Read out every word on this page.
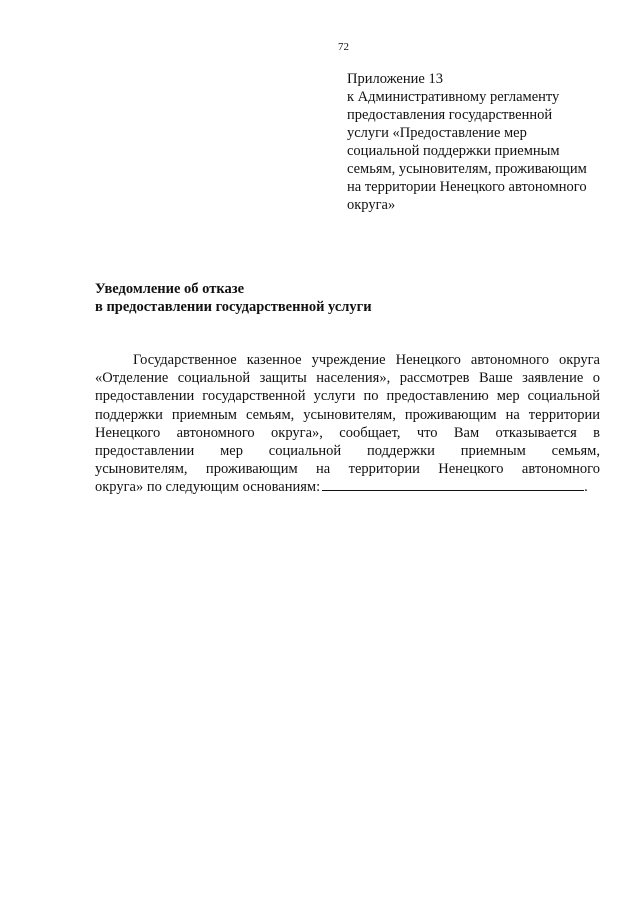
72
Приложение 13
к Административному регламенту
предоставления государственной
услуги «Предоставление мер
социальной поддержки приемным
семьям, усыновителям, проживающим
на территории Ненецкого автономного
округа»
Уведомление об отказе
в предоставлении государственной услуги
Государственное казенное учреждение Ненецкого автономного округа
«Отделение социальной защиты населения», рассмотрев Ваше заявление о
предоставлении государственной услуги по предоставлению мер социальной
поддержки приемным семьям, усыновителям, проживающим на территории
Ненецкого автономного округа», сообщает, что Вам отказывается в
предоставлении мер социальной поддержки приемным семьям,
усыновителям, проживающим на территории Ненецкого автономного
округа» по следующим основаниям:	.
